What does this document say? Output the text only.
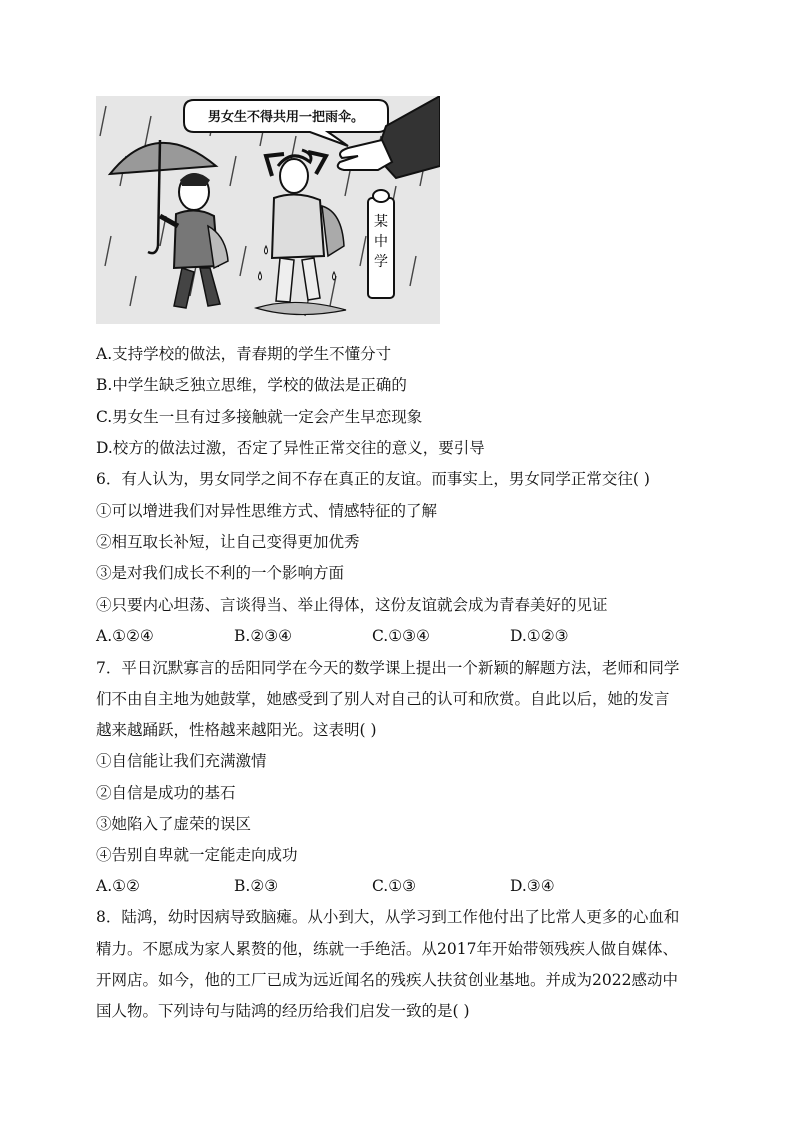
男女生不得共用一把雨伞。
某
中
学
A.支持学校的做法，青春期的学生不懂分寸
B.中学生缺乏独立思维，学校的做法是正确的
C.男女生一旦有过多接触就一定会产生早恋现象
D.校方的做法过激，否定了异性正常交往的意义，要引导
6．有人认为，男女同学之间不存在真正的友谊。而事实上，男女同学正常交往( )
①可以增进我们对异性思维方式、情感特征的了解
②相互取长补短，让自己变得更加优秀
③是对我们成长不利的一个影响方面
④只要内心坦荡、言谈得当、举止得体，这份友谊就会成为青春美好的见证
A.①②④	B.②③④	C.①③④	D.①②③
7．平日沉默寡言的岳阳同学在今天的数学课上提出一个新颖的解题方法，老师和同学
们不由自主地为她鼓掌，她感受到了别人对自己的认可和欣赏。自此以后，她的发言
越来越踊跃，性格越来越阳光。这表明( )
①自信能让我们充满激情
②自信是成功的基石
③她陷入了虚荣的误区
④告别自卑就一定能走向成功
A.①②	B.②③	C.①③	D.③④
8．陆鸿，幼时因病导致脑瘫。从小到大，从学习到工作他付出了比常人更多的心血和
精力。不愿成为家人累赘的他，练就一手绝活。从2017年开始带领残疾人做自媒体、
开网店。如今，他的工厂已成为远近闻名的残疾人扶贫创业基地。并成为2022感动中
国人物。下列诗句与陆鸿的经历给我们启发一致的是( )
